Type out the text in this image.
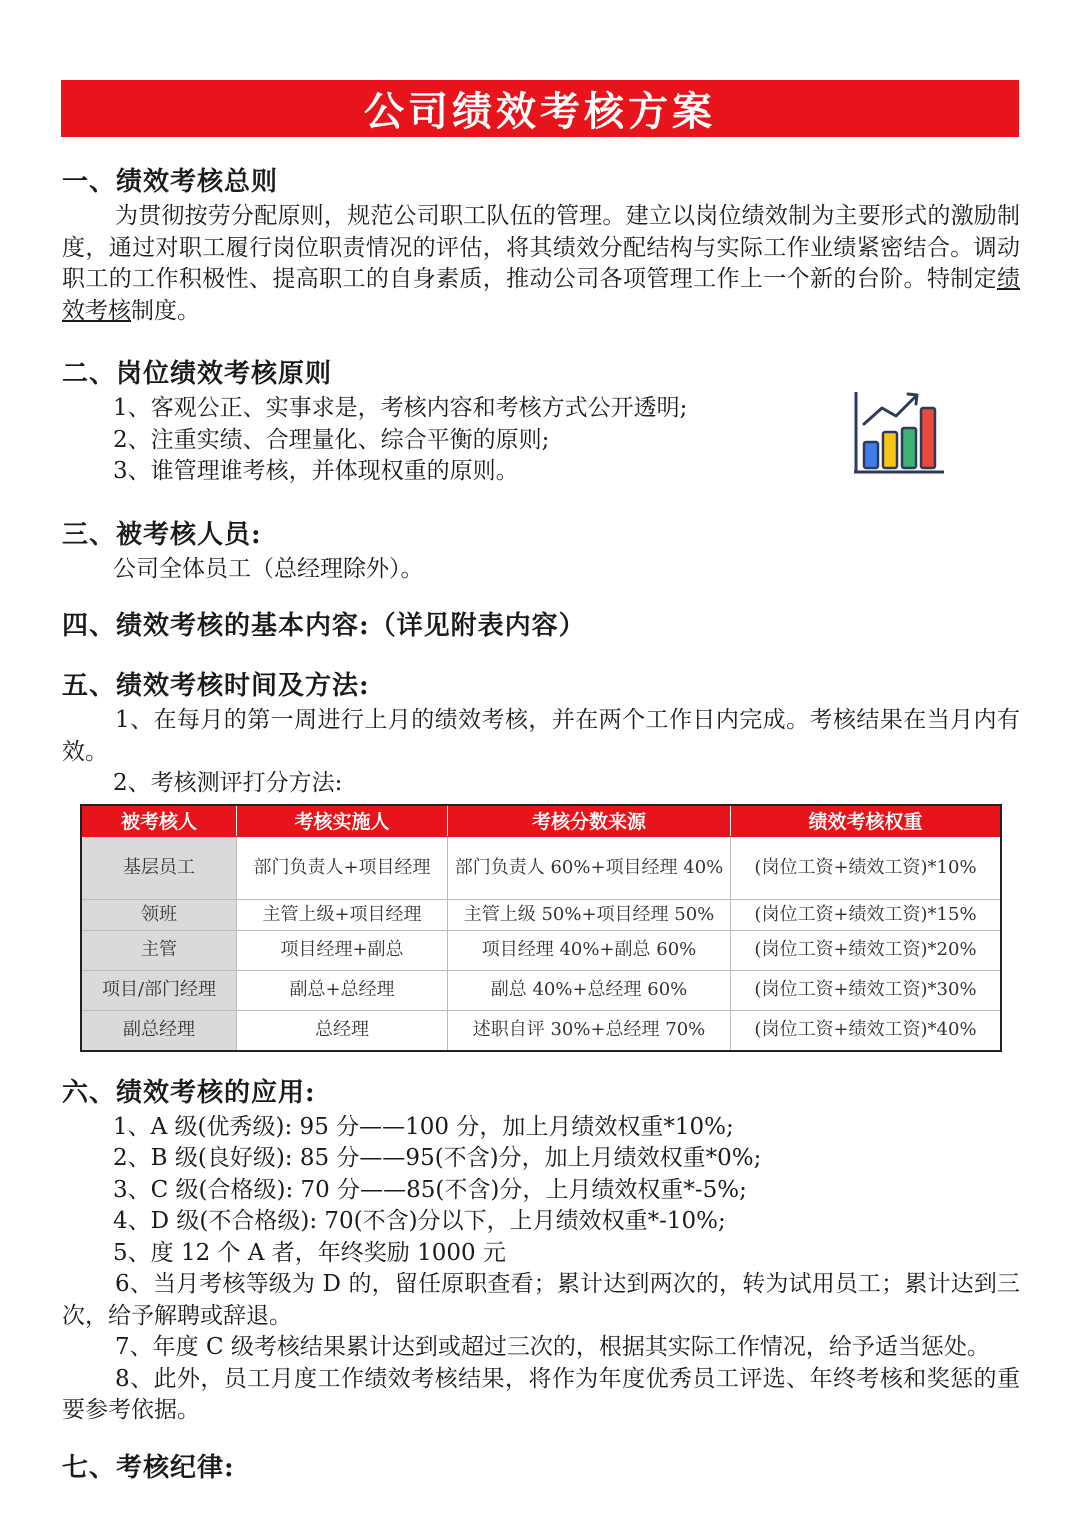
公司绩效考核方案
一、绩效考核总则

为贯彻按劳分配原则，规范公司职工队伍的管理。建立以岗位绩效制为主要形式的激励制度，通过对职工履行岗位职责情况的评估，将其绩效分配结构与实际工作业绩紧密结合。调动职工的工作积极性、提高职工的自身素质，推动公司各项管理工作上一个新的台阶。特制定绩效考核制度。

二、岗位绩效考核原则

1、客观公正、实事求是，考核内容和考核方式公开透明;

2、注重实绩、合理量化、综合平衡的原则;

3、谁管理谁考核，并体现权重的原则。

三、被考核人员:

公司全体员工（总经理除外）。

四、绩效考核的基本内容:（详见附表内容）
五、绩效考核时间及方法:

1、在每月的第一周进行上月的绩效考核，并在两个工作日内完成。考核结果在当月内有效。

2、考核测评打分方法:

被考核人	考核实施人	考核分数来源	绩效考核权重
基层员工	部门负责人+项目经理	部门负责人 60%+项目经理 40%	(岗位工资+绩效工资)*10%
领班	主管上级+项目经理	主管上级 50%+项目经理 50%	(岗位工资+绩效工资)*15%
主管	项目经理+副总	项目经理 40%+副总 60%	(岗位工资+绩效工资)*20%
项目/部门经理	副总+总经理	副总 40%+总经理 60%	(岗位工资+绩效工资)*30%
副总经理	总经理	述职自评 30%+总经理 70%	(岗位工资+绩效工资)*40%
六、绩效考核的应用:

1、A 级(优秀级): 95 分——100 分，加上月绩效权重*10%;

2、B 级(良好级): 85 分——95(不含)分，加上月绩效权重*0%;

3、C 级(合格级): 70 分——85(不含)分，上月绩效权重*-5%;

4、D 级(不合格级): 70(不含)分以下，上月绩效权重*-10%;

5、度 12 个 A 者，年终奖励 1000 元

6、当月考核等级为 D 的，留任原职查看；累计达到两次的，转为试用员工；累计达到三次，给予解聘或辞退。

7、年度 C 级考核结果累计达到或超过三次的，根据其实际工作情况，给予适当惩处。

8、此外，员工月度工作绩效考核结果，将作为年度优秀员工评选、年终考核和奖惩的重要参考依据。

七、考核纪律:
